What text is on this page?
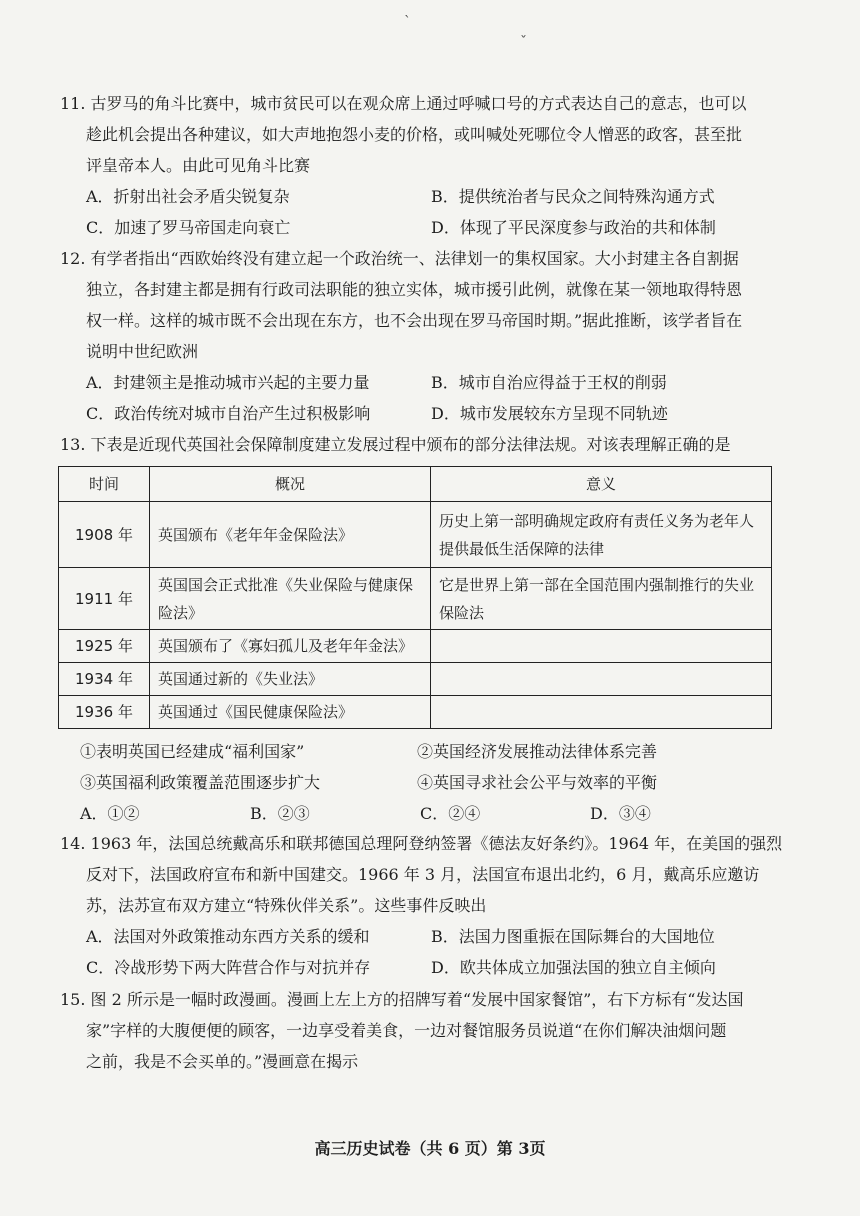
`
ˇ
11. 古罗马的角斗比赛中，城市贫民可以在观众席上通过呼喊口号的方式表达自己的意志，也可以
趁此机会提出各种建议，如大声地抱怨小麦的价格，或叫喊处死哪位令人憎恶的政客，甚至批
评皇帝本人。由此可见角斗比赛
A．折射出社会矛盾尖锐复杂	B．提供统治者与民众之间特殊沟通方式
C．加速了罗马帝国走向衰亡	D．体现了平民深度参与政治的共和体制
12. 有学者指出“西欧始终没有建立起一个政治统一、法律划一的集权国家。大小封建主各自割据
独立，各封建主都是拥有行政司法职能的独立实体，城市援引此例，就像在某一领地取得特恩
权一样。这样的城市既不会出现在东方，也不会出现在罗马帝国时期。”据此推断，该学者旨在
说明中世纪欧洲
A．封建领主是推动城市兴起的主要力量	B．城市自治应得益于王权的削弱
C．政治传统对城市自治产生过积极影响	D．城市发展较东方呈现不同轨迹
13. 下表是近现代英国社会保障制度建立发展过程中颁布的部分法律法规。对该表理解正确的是
时间	概况	意义
1908 年	英国颁布《老年年金保险法》	历史上第一部明确规定政府有责任义务为老年人提供最低生活保障的法律
1911 年	英国国会正式批准《失业保险与健康保险法》	它是世界上第一部在全国范围内强制推行的失业保险法
1925 年	英国颁布了《寡妇孤儿及老年年金法》	
1934 年	英国通过新的《失业法》	
1936 年	英国通过《国民健康保险法》	
①表明英国已经建成“福利国家”	②英国经济发展推动法律体系完善
③英国福利政策覆盖范围逐步扩大	④英国寻求社会公平与效率的平衡
A．①②	B．②③	C．②④	D．③④
14. 1963 年，法国总统戴高乐和联邦德国总理阿登纳签署《德法友好条约》。1964 年，在美国的强烈
反对下，法国政府宣布和新中国建交。1966 年 3 月，法国宣布退出北约，6 月，戴高乐应邀访
苏，法苏宣布双方建立“特殊伙伴关系”。这些事件反映出
A．法国对外政策推动东西方关系的缓和	B．法国力图重振在国际舞台的大国地位
C．冷战形势下两大阵营合作与对抗并存	D．欧共体成立加强法国的独立自主倾向
15. 图 2 所示是一幅时政漫画。漫画上左上方的招牌写着“发展中国家餐馆”，右下方标有“发达国
家”字样的大腹便便的顾客，一边享受着美食，一边对餐馆服务员说道“在你们解决油烟问题
之前，我是不会买单的。”漫画意在揭示
高三历史试卷（共 6 页）第 3页
